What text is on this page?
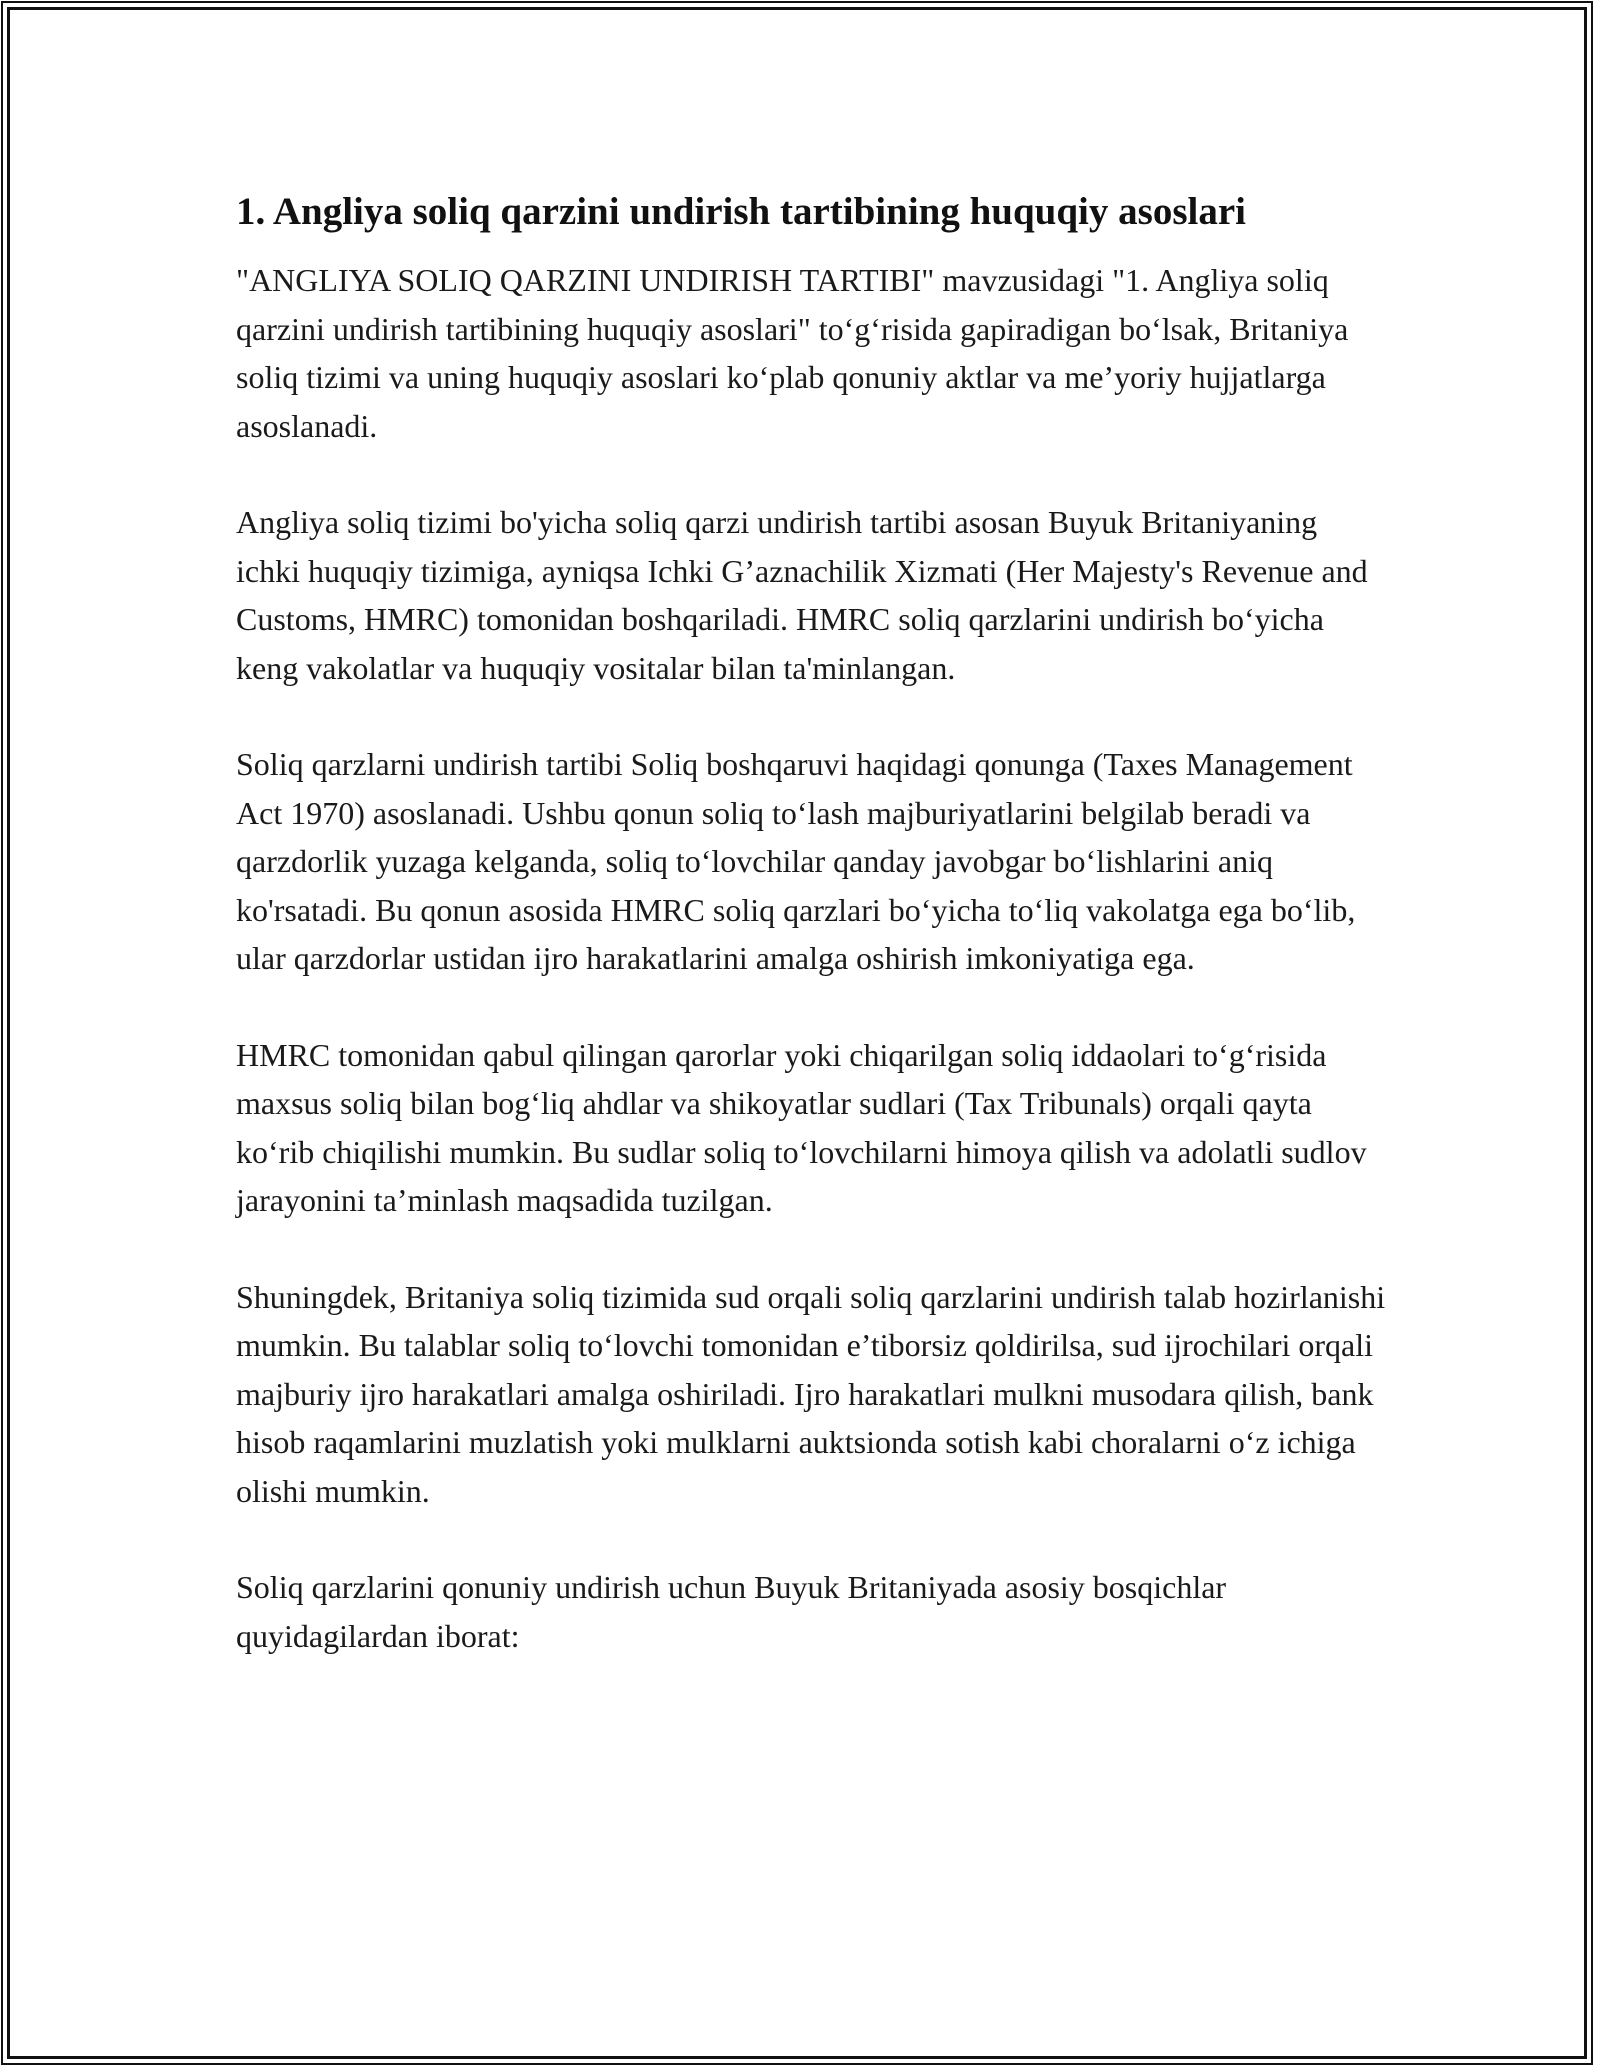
1. Angliya soliq qarzini undirish tartibining huquqiy asoslari

"ANGLIYA SOLIQ QARZINI UNDIRISH TARTIBI" mavzusidagi "1. Angliya soliq qarzini undirish tartibining huquqiy asoslari" to‘g‘risida gapiradigan bo‘lsak, Britaniya soliq tizimi va uning huquqiy asoslari ko‘plab qonuniy aktlar va me’yoriy hujjatlarga asoslanadi.

Angliya soliq tizimi bo'yicha soliq qarzi undirish tartibi asosan Buyuk Britaniyaning ichki huquqiy tizimiga, ayniqsa Ichki G’aznachilik Xizmati (Her Majesty's Revenue and Customs, HMRC) tomonidan boshqariladi. HMRC soliq qarzlarini undirish bo‘yicha keng vakolatlar va huquqiy vositalar bilan ta'minlangan.

Soliq qarzlarni undirish tartibi Soliq boshqaruvi haqidagi qonunga (Taxes Management Act 1970) asoslanadi. Ushbu qonun soliq to‘lash majburiyatlarini belgilab beradi va qarzdorlik yuzaga kelganda, soliq to‘lovchilar qanday javobgar bo‘lishlarini aniq ko'rsatadi. Bu qonun asosida HMRC soliq qarzlari bo‘yicha to‘liq vakolatga ega bo‘lib, ular qarzdorlar ustidan ijro harakatlarini amalga oshirish imkoniyatiga ega.

HMRC tomonidan qabul qilingan qarorlar yoki chiqarilgan soliq iddaolari to‘g‘risida maxsus soliq bilan bog‘liq ahdlar va shikoyatlar sudlari (Tax Tribunals) orqali qayta ko‘rib chiqilishi mumkin. Bu sudlar soliq to‘lovchilarni himoya qilish va adolatli sudlov jarayonini ta’minlash maqsadida tuzilgan.

Shuningdek, Britaniya soliq tizimida sud orqali soliq qarzlarini undirish talab hozirlanishi mumkin. Bu talablar soliq to‘lovchi tomonidan e’tiborsiz qoldirilsa, sud ijrochilari orqali majburiy ijro harakatlari amalga oshiriladi. Ijro harakatlari mulkni musodara qilish, bank hisob raqamlarini muzlatish yoki mulklarni auktsionda sotish kabi choralarni o‘z ichiga olishi mumkin.

Soliq qarzlarini qonuniy undirish uchun Buyuk Britaniyada asosiy bosqichlar quyidagilardan iborat:
